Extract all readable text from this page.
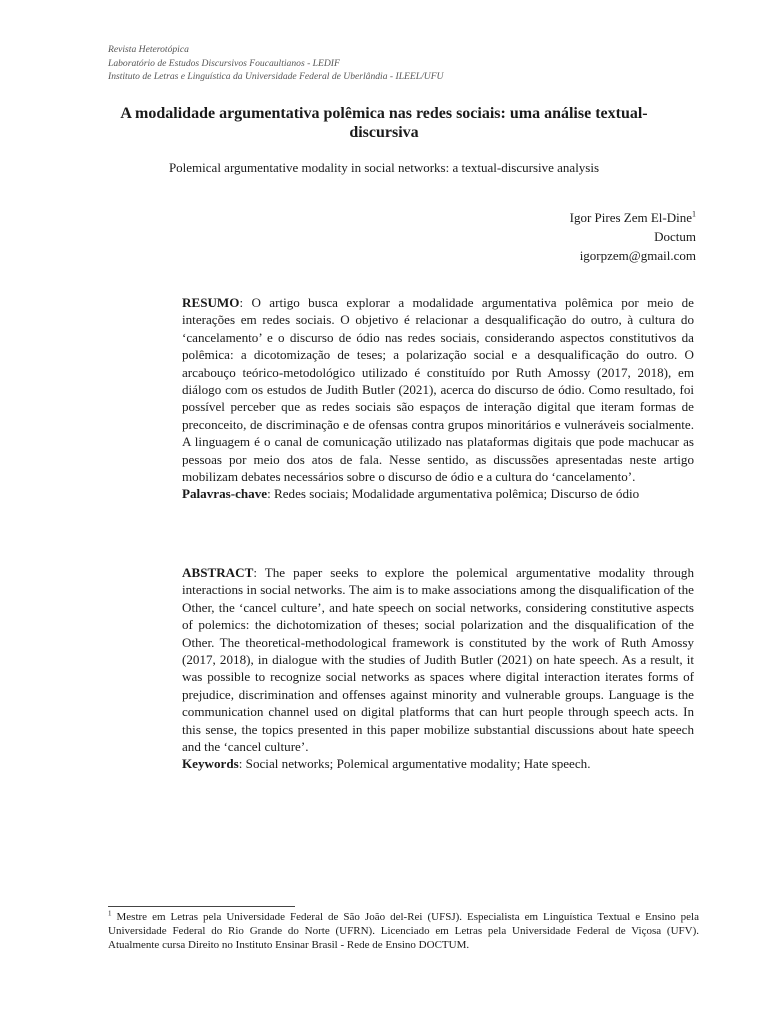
Revista Heterotópica
Laboratório de Estudos Discursivos Foucaultianos - LEDIF
Instituto de Letras e Linguística da Universidade Federal de Uberlândia - ILEEL/UFU
A modalidade argumentativa polêmica nas redes sociais: uma análise textual-discursiva
Polemical argumentative modality in social networks: a textual-discursive analysis
Igor Pires Zem El-Dine$^1$
Doctum
igorpzem@gmail.com

RESUMO: O artigo busca explorar a modalidade argumentativa polêmica por meio de interações em redes sociais. O objetivo é relacionar a desqualificação do outro, à cultura do ‘cancelamento’ e o discurso de ódio nas redes sociais, considerando aspectos constitutivos da polêmica: a dicotomização de teses; a polarização social e a desqualificação do outro. O arcabouço teórico-metodológico utilizado é constituído por Ruth Amossy (2017, 2018), em diálogo com os estudos de Judith Butler (2021), acerca do discurso de ódio. Como resultado, foi possível perceber que as redes sociais são espaços de interação digital que iteram formas de preconceito, de discriminação e de ofensas contra grupos minoritários e vulneráveis socialmente. A linguagem é o canal de comunicação utilizado nas plataformas digitais que pode machucar as pessoas por meio dos atos de fala. Nesse sentido, as discussões apresentadas neste artigo mobilizam debates necessários sobre o discurso de ódio e a cultura do ‘cancelamento’.

Palavras-chave: Redes sociais; Modalidade argumentativa polêmica; Discurso de ódio

ABSTRACT: The paper seeks to explore the polemical argumentative modality through interactions in social networks. The aim is to make associations among the disqualification of the Other, the ‘cancel culture’, and hate speech on social networks, considering constitutive aspects of polemics: the dichotomization of theses; social polarization and the disqualification of the Other. The theoretical-methodological framework is constituted by the work of Ruth Amossy (2017, 2018), in dialogue with the studies of Judith Butler (2021) on hate speech. As a result, it was possible to recognize social networks as spaces where digital interaction iterates forms of prejudice, discrimination and offenses against minority and vulnerable groups. Language is the communication channel used on digital platforms that can hurt people through speech acts. In this sense, the topics presented in this paper mobilize substantial discussions about hate speech and the ‘cancel culture’.

Keywords: Social networks; Polemical argumentative modality; Hate speech.

$^1$ Mestre em Letras pela Universidade Federal de São João del-Rei (UFSJ). Especialista em Linguística Textual e Ensino pela Universidade Federal do Rio Grande do Norte (UFRN). Licenciado em Letras pela Universidade Federal de Viçosa (UFV). Atualmente cursa Direito no Instituto Ensinar Brasil - Rede de Ensino DOCTUM.
